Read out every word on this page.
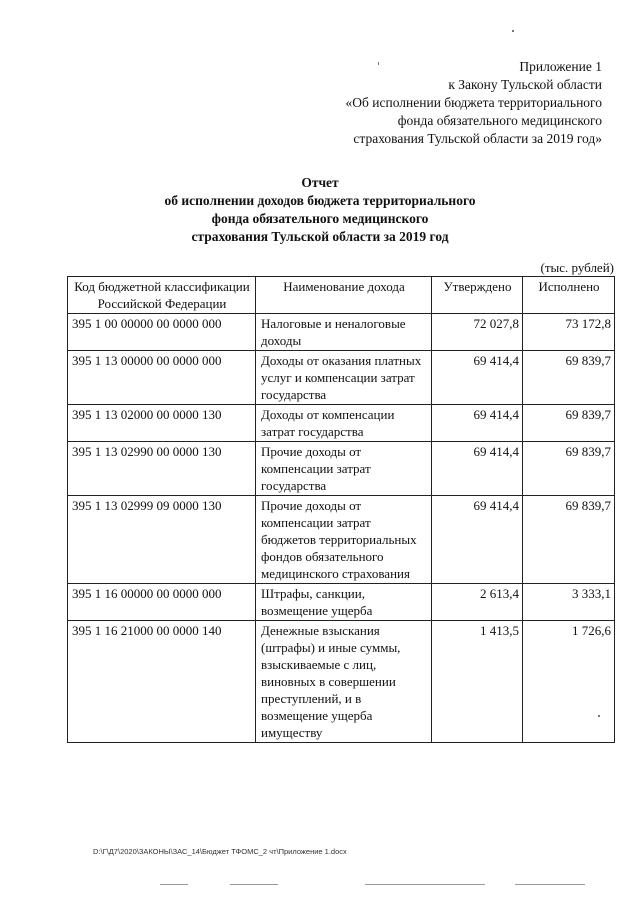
Приложение 1
к Закону Тульской области
«Об исполнении бюджета территориального
фонда обязательного медицинского
страхования Тульской области за 2019 год»
Отчет
об исполнении доходов бюджета территориального
фонда обязательного медицинского
страхования Тульской области за 2019 год
(тыс. рублей)
Код бюджетной классификации Российской Федерации	Наименование дохода	Утверждено	Исполнено
395 1 00 00000 00 0000 000	Налоговые и неналоговые доходы	72 027,8	73 172,8
395 1 13 00000 00 0000 000	Доходы от оказания платных услуг и компенсации затрат государства	69 414,4	69 839,7
395 1 13 02000 00 0000 130	Доходы от компенсации затрат государства	69 414,4	69 839,7
395 1 13 02990 00 0000 130	Прочие доходы от компенсации затрат государства	69 414,4	69 839,7
395 1 13 02999 09 0000 130	Прочие доходы от компенсации затрат бюджетов территориальных фондов обязательного медицинского страхования	69 414,4	69 839,7
395 1 16 00000 00 0000 000	Штрафы, санкции, возмещение ущерба	2 613,4	3 333,1
395 1 16 21000 00 0000 140	Денежные взыскания (штрафы) и иные суммы, взыскиваемые с лиц, виновных в совершении преступлений, и в возмещение ущерба имуществу	1 413,5	1 726,6
D:\Г\Д7\2020\ЗАКОНЫ\ЗАС_14\Бюджет ТФОМС_2 чт\Приложение 1.docx
